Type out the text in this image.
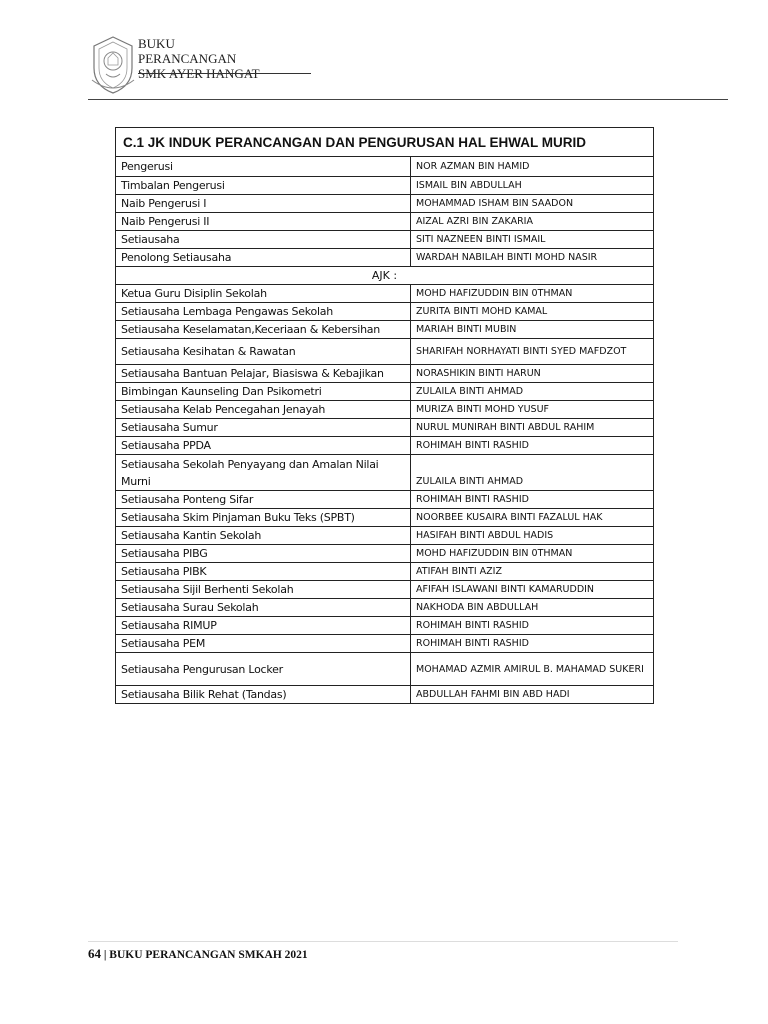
BUKU
PERANCANGAN
SMK AYER HANGAT
C.1 JK INDUK PERANCANGAN DAN PENGURUSAN HAL EHWAL MURID	
Pengerusi	NOR AZMAN BIN HAMID
Timbalan Pengerusi	ISMAIL BIN ABDULLAH
Naib Pengerusi I	MOHAMMAD ISHAM BIN SAADON
Naib Pengerusi II	AIZAL AZRI BIN ZAKARIA
Setiausaha	SITI NAZNEEN BINTI ISMAIL
Penolong Setiausaha	WARDAH NABILAH BINTI MOHD NASIR
AJK :	
Ketua Guru Disiplin Sekolah	MOHD HAFIZUDDIN BIN 0THMAN
Setiausaha Lembaga Pengawas Sekolah	ZURITA BINTI MOHD KAMAL
Setiausaha Keselamatan,Keceriaan & Kebersihan	MARIAH BINTI MUBIN
Setiausaha Kesihatan & Rawatan	SHARIFAH NORHAYATI BINTI SYED MAFDZOT
Setiausaha Bantuan Pelajar, Biasiswa & Kebajikan	NORASHIKIN BINTI HARUN
Bimbingan Kaunseling Dan Psikometri	ZULAILA BINTI AHMAD
Setiausaha Kelab Pencegahan Jenayah	MURIZA BINTI MOHD YUSUF
Setiausaha Sumur	NURUL MUNIRAH BINTI ABDUL RAHIM
Setiausaha PPDA	ROHIMAH BINTI RASHID
Setiausaha Sekolah Penyayang dan Amalan Nilai Murni	ZULAILA BINTI AHMAD
Setiausaha Ponteng Sifar	ROHIMAH BINTI RASHID
Setiausaha Skim Pinjaman Buku Teks (SPBT)	NOORBEE KUSAIRA BINTI FAZALUL HAK
Setiausaha Kantin Sekolah	HASIFAH BINTI ABDUL HADIS
Setiausaha PIBG	MOHD HAFIZUDDIN BIN 0THMAN
Setiausaha PIBK	ATIFAH BINTI AZIZ
Setiausaha Sijil Berhenti Sekolah	AFIFAH ISLAWANI BINTI KAMARUDDIN
Setiausaha Surau Sekolah	NAKHODA BIN ABDULLAH
Setiausaha RIMUP	ROHIMAH BINTI RASHID
Setiausaha PEM	ROHIMAH BINTI RASHID
Setiausaha Pengurusan Locker	MOHAMAD AZMIR AMIRUL B. MAHAMAD SUKERI
Setiausaha Bilik Rehat (Tandas)	ABDULLAH FAHMI BIN ABD HADI
64 | BUKU PERANCANGAN SMKAH 2021
